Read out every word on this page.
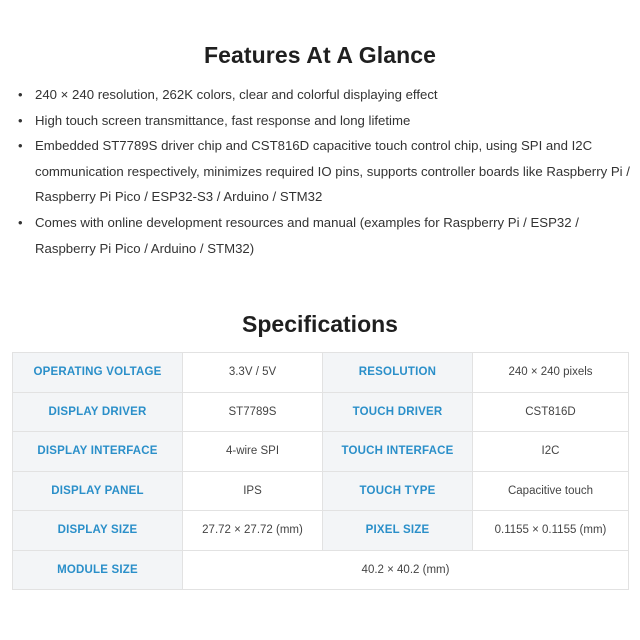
Features At A Glance
• 240 × 240 resolution, 262K colors, clear and colorful displaying effect
• High touch screen transmittance, fast response and long lifetime
• Embedded ST7789S driver chip and CST816D capacitive touch control chip, using SPI and I2C communication respectively, minimizes required IO pins, supports controller boards like Raspberry Pi / Raspberry Pi Pico / ESP32-S3 / Arduino / STM32
• Comes with online development resources and manual (examples for Raspberry Pi / ESP32 / Raspberry Pi Pico / Arduino / STM32)
Specifications
OPERATING VOLTAGE	3.3V / 5V	RESOLUTION	240 × 240 pixels
DISPLAY DRIVER	ST7789S	TOUCH DRIVER	CST816D
DISPLAY INTERFACE	4-wire SPI	TOUCH INTERFACE	I2C
DISPLAY PANEL	IPS	TOUCH TYPE	Capacitive touch
DISPLAY SIZE	27.72 × 27.72 (mm)	PIXEL SIZE	0.1155 × 0.1155 (mm)
MODULE SIZE	40.2 × 40.2 (mm)		
